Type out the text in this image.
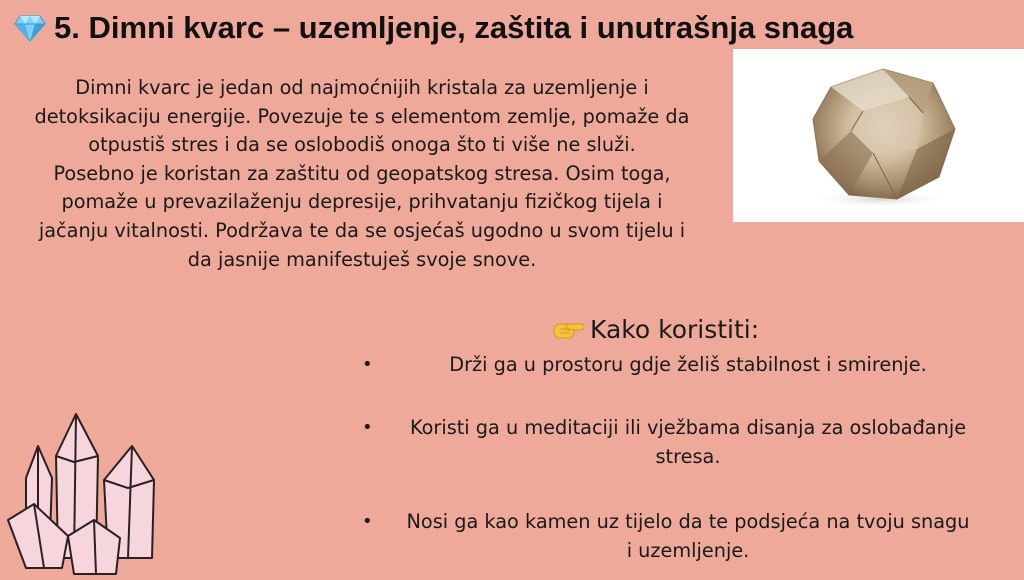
5. Dimni kvarc – uzemljenje, zaštita i unutrašnja snaga
Dimni kvarc je jedan od najmoćnijih kristala za uzemljenje i
detoksikaciju energije. Povezuje te s elementom zemlje, pomaže da
otpustiš stres i da se oslobodiš onoga što ti više ne služi.
Posebno je koristan za zaštitu od geopatskog stresa. Osim toga,
pomaže u prevazilaženju depresije, prihvatanju fizičkog tijela i
jačanju vitalnosti. Podržava te da se osjećaš ugodno u svom tijelu i
da jasnije manifestuješ svoje snove.
Kako koristiti:
•	Drži ga u prostoru gdje želiš stabilnost i smirenje.
•	Koristi ga u meditaciji ili vježbama disanja za oslobađanje
stresa.
•	Nosi ga kao kamen uz tijelo da te podsjeća na tvoju snagu
i uzemljenje.
